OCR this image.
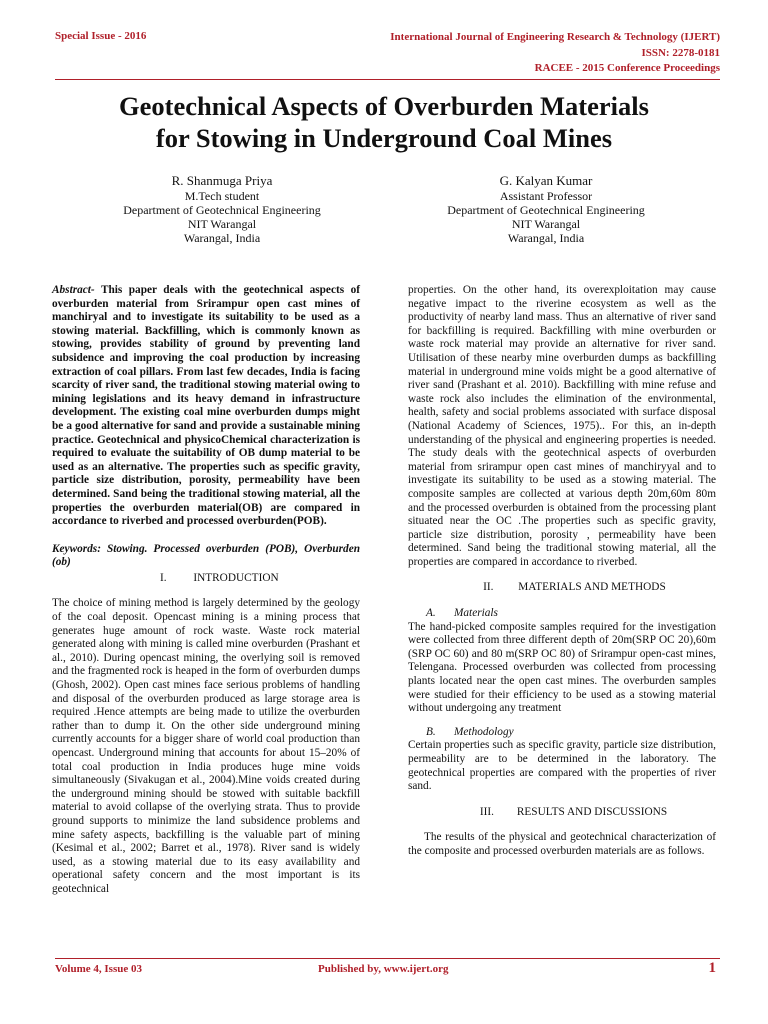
Special Issue - 2016	International Journal of Engineering Research & Technology (IJERT)
ISSN: 2278-0181
RACEE - 2015 Conference Proceedings
Geotechnical Aspects of Overburden Materials
for Stowing in Underground Coal Mines
R. Shanmuga Priya
M.Tech student
Department of Geotechnical Engineering
NIT Warangal
Warangal, India
G. Kalyan Kumar
Assistant Professor
Department of Geotechnical Engineering
NIT Warangal
Warangal, India

Abstract- This paper deals with the geotechnical aspects of overburden material from Srirampur open cast mines of manchiryal and to investigate its suitability to be used as a stowing material. Backfilling, which is commonly known as stowing, provides stability of ground by preventing land subsidence and improving the coal production by increasing extraction of coal pillars. From last few decades, India is facing scarcity of river sand, the traditional stowing material owing to mining legislations and its heavy demand in infrastructure development. The existing coal mine overburden dumps might be a good alternative for sand and provide a sustainable mining practice. Geotechnical and physicoChemical characterization is required to evaluate the suitability of OB dump material to be used as an alternative. The properties such as specific gravity, particle size distribution, porosity, permeability have been determined. Sand being the traditional stowing material, all the properties the overburden material(OB) are compared in accordance to riverbed and processed overburden(POB).

Keywords: Stowing. Processed overburden (POB), Overburden (ob)

I. INTRODUCTION

The choice of mining method is largely determined by the geology of the coal deposit. Opencast mining is a mining process that generates huge amount of rock waste. Waste rock material generated along with mining is called mine overburden (Prashant et al., 2010). During opencast mining, the overlying soil is removed and the fragmented rock is heaped in the form of overburden dumps (Ghosh, 2002). Open cast mines face serious problems of handling and disposal of the overburden produced as large storage area is required .Hence attempts are being made to utilize the overburden rather than to dump it. On the other side underground mining currently accounts for a bigger share of world coal production than opencast. Underground mining that accounts for about 15‒20% of total coal production in India produces huge mine voids simultaneously (Sivakugan et al., 2004).Mine voids created during the underground mining should be stowed with suitable backfill material to avoid collapse of the overlying strata. Thus to provide ground supports to minimize the land subsidence problems and mine safety aspects, backfilling is the valuable part of mining (Kesimal et al., 2002; Barret et al., 1978). River sand is widely used, as a stowing material due to its easy availability and operational safety concern and the most important is its geotechnical

properties. On the other hand, its overexploitation may cause negative impact to the riverine ecosystem as well as the productivity of nearby land mass. Thus an alternative of river sand for backfilling is required. Backfilling with mine overburden or waste rock material may provide an alternative for river sand. Utilisation of these nearby mine overburden dumps as backfilling material in underground mine voids might be a good alternative of river sand (Prashant et al. 2010). Backfilling with mine refuse and waste rock also includes the elimination of the environmental, health, safety and social problems associated with surface disposal (National Academy of Sciences, 1975).. For this, an in-depth understanding of the physical and engineering properties is needed. The study deals with the geotechnical aspects of overburden material from srirampur open cast mines of manchiryyal and to investigate its suitability to be used as a stowing material. The composite samples are collected at various depth 20m,60m 80m and the processed overburden is obtained from the processing plant situated near the OC .The properties such as specific gravity, particle size distribution, porosity , permeability have been determined. Sand being the traditional stowing material, all the properties are compared in accordance to riverbed.

II. MATERIALS AND METHODS

A. Materials

The hand-picked composite samples required for the investigation were collected from three different depth of 20m(SRP OC 20),60m (SRP OC 60) and 80 m(SRP OC 80) of Srirampur open-cast mines, Telengana. Processed overburden was collected from processing plants located near the open cast mines. The overburden samples were studied for their efficiency to be used as a stowing material without undergoing any treatment

B. Methodology

Certain properties such as specific gravity, particle size distribution, permeability are to be determined in the laboratory. The geotechnical properties are compared with the properties of river sand.

III. RESULTS AND DISCUSSIONS

The results of the physical and geotechnical characterization of the composite and processed overburden materials are as follows.

Volume 4, Issue 03	Published by, www.ijert.org	1
